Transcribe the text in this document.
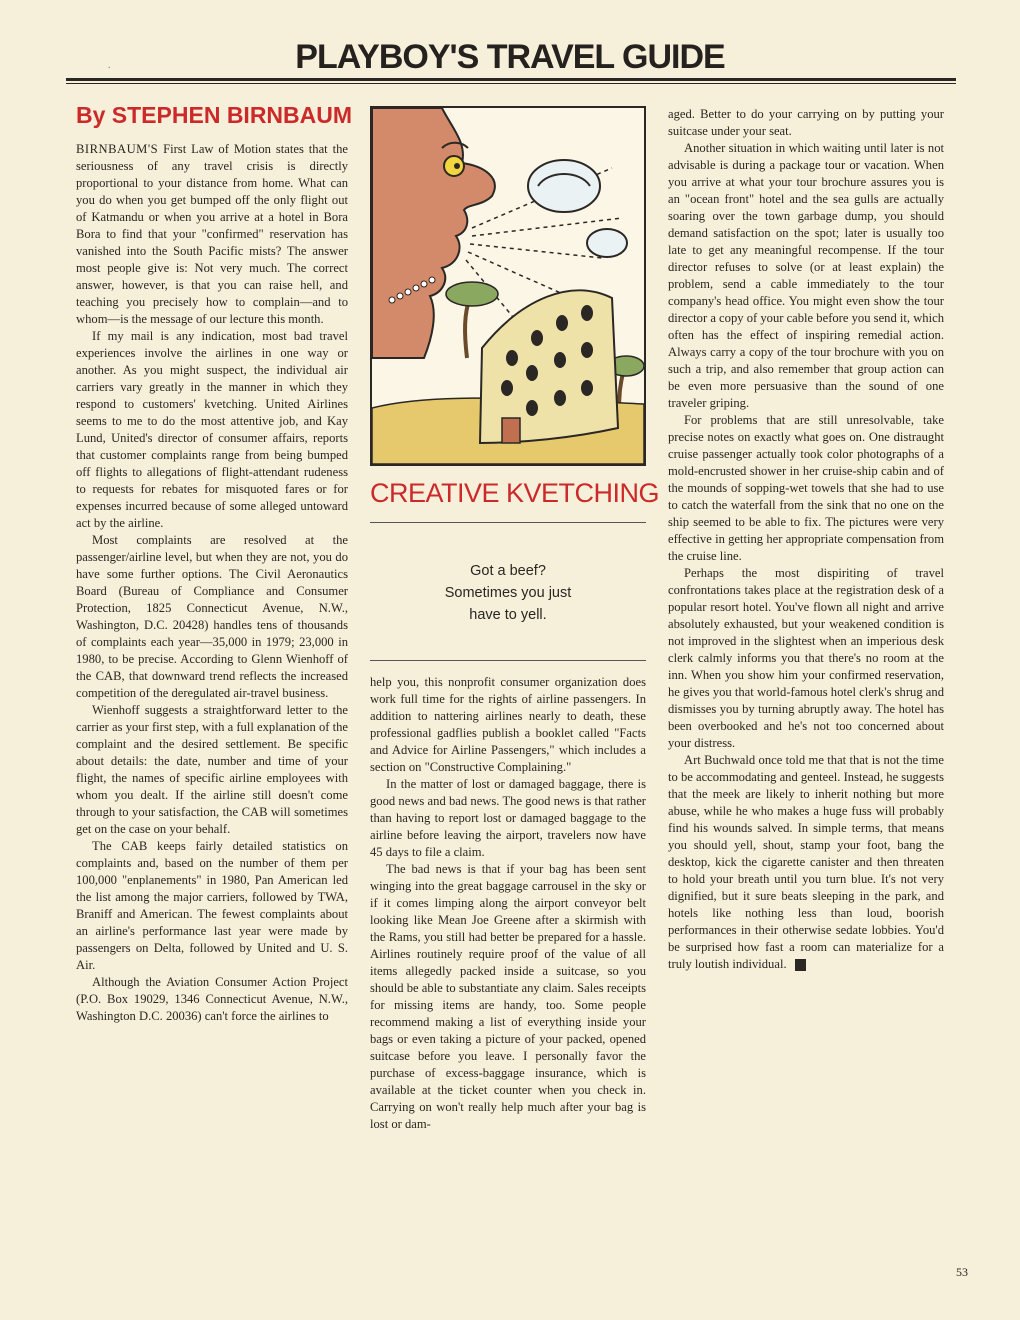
.	PLAYBOY'S TRAVEL GUIDE
By STEPHEN BIRNBAUM

BIRNBAUM'S First Law of Motion states that the seriousness of any travel crisis is directly proportional to your distance from home. What can you do when you get bumped off the only flight out of Katmandu or when you arrive at a hotel in Bora Bora to find that your "confirmed" reservation has vanished into the South Pacific mists? The answer most people give is: Not very much. The correct answer, however, is that you can raise hell, and teaching you precisely how to complain—and to whom—is the message of our lecture this month.

If my mail is any indication, most bad travel experiences involve the airlines in one way or another. As you might suspect, the individual air carriers vary greatly in the manner in which they respond to customers' kvetching. United Airlines seems to me to do the most attentive job, and Kay Lund, United's director of consumer affairs, reports that customer complaints range from being bumped off flights to allegations of flight-attendant rudeness to requests for rebates for misquoted fares or for expenses incurred because of some alleged untoward act by the airline.

Most complaints are resolved at the passenger/airline level, but when they are not, you do have some further options. The Civil Aeronautics Board (Bureau of Compliance and Consumer Protection, 1825 Connecticut Avenue, N.W., Washington, D.C. 20428) handles tens of thousands of complaints each year—35,000 in 1979; 23,000 in 1980, to be precise. According to Glenn Wienhoff of the CAB, that downward trend reflects the increased competition of the deregulated air-travel business.

Wienhoff suggests a straightforward letter to the carrier as your first step, with a full explanation of the complaint and the desired settlement. Be specific about details: the date, number and time of your flight, the names of specific airline employees with whom you dealt. If the airline still doesn't come through to your satisfaction, the CAB will sometimes get on the case on your behalf.

The CAB keeps fairly detailed statistics on complaints and, based on the number of them per 100,000 "enplanements" in 1980, Pan American led the list among the major carriers, followed by TWA, Braniff and American. The fewest complaints about an airline's performance last year were made by passengers on Delta, followed by United and U. S. Air.

Although the Aviation Consumer Action Project (P.O. Box 19029, 1346 Connecticut Avenue, N.W., Washington D.C. 20036) can't force the airlines to

CREATIVE KVETCHING
Got a beef?
Sometimes you just
have to yell.

help you, this nonprofit consumer organization does work full time for the rights of airline passengers. In addition to nattering airlines nearly to death, these professional gadflies publish a booklet called "Facts and Advice for Airline Passengers," which includes a section on "Constructive Complaining."

In the matter of lost or damaged baggage, there is good news and bad news. The good news is that rather than having to report lost or damaged baggage to the airline before leaving the airport, travelers now have 45 days to file a claim.

The bad news is that if your bag has been sent winging into the great baggage carrousel in the sky or if it comes limping along the airport conveyor belt looking like Mean Joe Greene after a skirmish with the Rams, you still had better be prepared for a hassle. Airlines routinely require proof of the value of all items allegedly packed inside a suitcase, so you should be able to substantiate any claim. Sales receipts for missing items are handy, too. Some people recommend making a list of everything inside your bags or even taking a picture of your packed, opened suitcase before you leave. I personally favor the purchase of excess-baggage insurance, which is available at the ticket counter when you check in. Carrying on won't really help much after your bag is lost or dam-

aged. Better to do your carrying on by putting your suitcase under your seat.

Another situation in which waiting until later is not advisable is during a package tour or vacation. When you arrive at what your tour brochure assures you is an "ocean front" hotel and the sea gulls are actually soaring over the town garbage dump, you should demand satisfaction on the spot; later is usually too late to get any meaningful recompense. If the tour director refuses to solve (or at least explain) the problem, send a cable immediately to the tour company's head office. You might even show the tour director a copy of your cable before you send it, which often has the effect of inspiring remedial action. Always carry a copy of the tour brochure with you on such a trip, and also remember that group action can be even more persuasive than the sound of one traveler griping.

For problems that are still unresolvable, take precise notes on exactly what goes on. One distraught cruise passenger actually took color photographs of a mold-encrusted shower in her cruise-ship cabin and of the mounds of sopping-wet towels that she had to use to catch the waterfall from the sink that no one on the ship seemed to be able to fix. The pictures were very effective in getting her appropriate compensation from the cruise line.

Perhaps the most dispiriting of travel confrontations takes place at the registration desk of a popular resort hotel. You've flown all night and arrive absolutely exhausted, but your weakened condition is not improved in the slightest when an imperious desk clerk calmly informs you that there's no room at the inn. When you show him your confirmed reservation, he gives you that world-famous hotel clerk's shrug and dismisses you by turning abruptly away. The hotel has been overbooked and he's not too concerned about your distress.

Art Buchwald once told me that that is not the time to be accommodating and genteel. Instead, he suggests that the meek are likely to inherit nothing but more abuse, while he who makes a huge fuss will probably find his wounds salved. In simple terms, that means you should yell, shout, stamp your foot, bang the desktop, kick the cigarette canister and then threaten to hold your breath until you turn blue. It's not very dignified, but it sure beats sleeping in the park, and hotels like nothing less than loud, boorish performances in their otherwise sedate lobbies. You'd be surprised how fast a room can materialize for a truly loutish individual.	P

53
